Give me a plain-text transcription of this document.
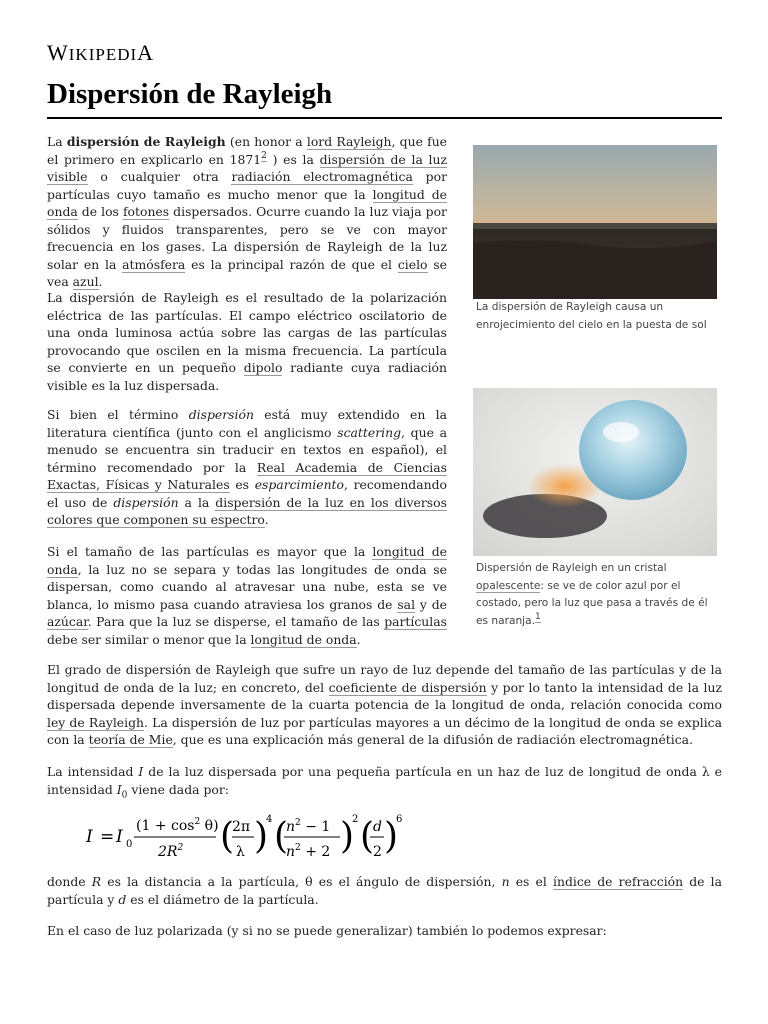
WIKIPEDIA
Dispersión de Rayleigh

La dispersión de Rayleigh (en honor a lord Rayleigh, que fue el primero en explicarlo en 1871$^2$ ) es la dispersión de la luz visible o cualquier otra radiación electromagnética por partículas cuyo tamaño es mucho menor que la longitud de onda de los fotones dispersados. Ocurre cuando la luz viaja por sólidos y fluidos transparentes, pero se ve con mayor frecuencia en los gases. La dispersión de Rayleigh de la luz solar en la atmósfera es la principal razón de que el cielo se vea azul.

La dispersión de Rayleigh es el resultado de la polarización eléctrica de las partículas. El campo eléctrico oscilatorio de una onda luminosa actúa sobre las cargas de las partículas provocando que oscilen en la misma frecuencia. La partícula se convierte en un pequeño dipolo radiante cuya radiación visible es la luz dispersada.

Si bien el término dispersión está muy extendido en la literatura científica (junto con el anglicismo scattering, que a menudo se encuentra sin traducir en textos en español), el término recomendado por la Real Academia de Ciencias Exactas, Físicas y Naturales es esparcimiento, recomendando el uso de dispersión a la dispersión de la luz en los diversos colores que componen su espectro.

Si el tamaño de las partículas es mayor que la longitud de onda, la luz no se separa y todas las longitudes de onda se dispersan, como cuando al atravesar una nube, esta se ve blanca, lo mismo pasa cuando atraviesa los granos de sal y de azúcar. Para que la luz se disperse, el tamaño de las partículas debe ser similar o menor que la longitud de onda.

La dispersión de Rayleigh causa un enrojecimiento del cielo en la puesta de sol
Dispersión de Rayleigh en un cristal opalescente: se ve de color azul por el costado, pero la luz que pasa a través de él es naranja.$^1$

El grado de dispersión de Rayleigh que sufre un rayo de luz depende del tamaño de las partículas y de la longitud de onda de la luz; en concreto, del coeficiente de dispersión y por lo tanto la intensidad de la luz dispersada depende inversamente de la cuarta potencia de la longitud de onda, relación conocida como ley de Rayleigh. La dispersión de luz por partículas mayores a un décimo de la longitud de onda se explica con la teoría de Mie, que es una explicación más general de la difusión de radiación electromagnética.

La intensidad I de la luz dispersada por una pequeña partícula en un haz de luz de longitud de onda λ e intensidad $I_0$ viene dada por:

I = I 0
$(1 + \cos^2 \theta)$
$2R^2$ (
2π
λ )
4 (
$n^2 - 1$
$n^2 + 2$ )
2 (
d
2 )
6

donde R es la distancia a la partícula, θ es el ángulo de dispersión, n es el índice de refracción de la partícula y d es el diámetro de la partícula.

En el caso de luz polarizada (y si no se puede generalizar) también lo podemos expresar:
